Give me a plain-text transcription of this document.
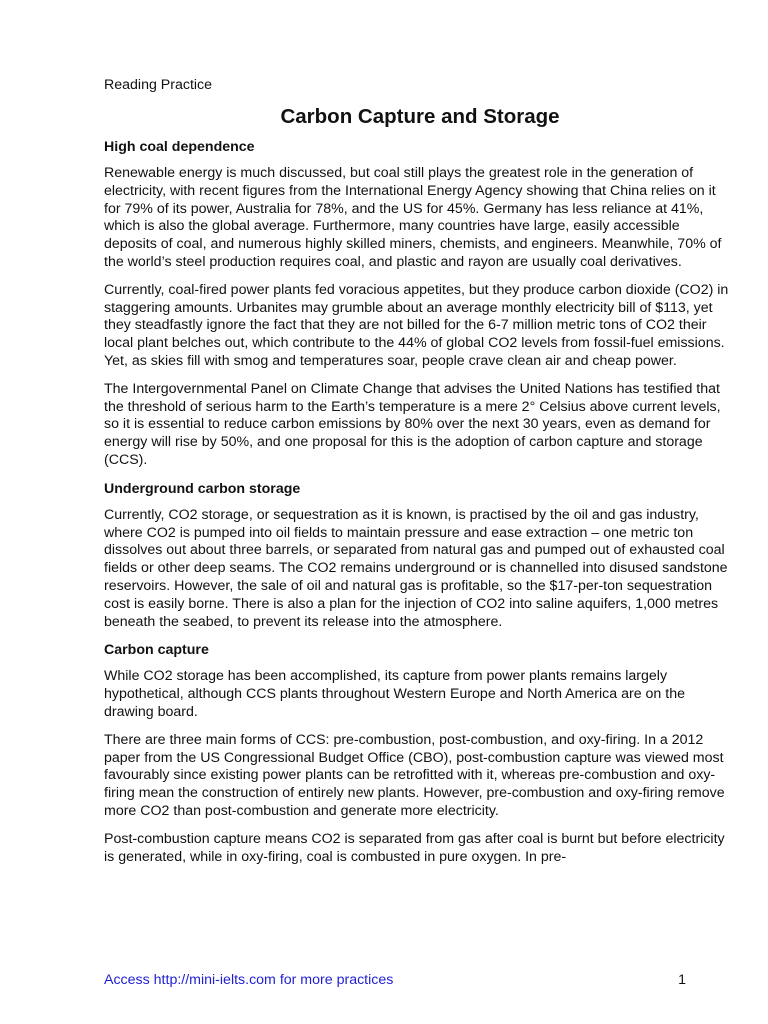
Reading Practice
Carbon Capture and Storage
High coal dependence

Renewable energy is much discussed, but coal still plays the greatest role in the generation of electricity, with recent figures from the International Energy Agency showing that China relies on it for 79% of its power, Australia for 78%, and the US for 45%. Germany has less reliance at 41%, which is also the global average. Furthermore, many countries have large, easily accessible deposits of coal, and numerous highly skilled miners, chemists, and engineers. Meanwhile, 70% of the world’s steel production requires coal, and plastic and rayon are usually coal derivatives.

Currently, coal-fired power plants fed voracious appetites, but they produce carbon dioxide (CO2) in staggering amounts. Urbanites may grumble about an average monthly electricity bill of $113, yet they steadfastly ignore the fact that they are not billed for the 6-7 million metric tons of CO2 their local plant belches out, which contribute to the 44% of global CO2 levels from fossil-fuel emissions. Yet, as skies fill with smog and temperatures soar, people crave clean air and cheap power.

The Intergovernmental Panel on Climate Change that advises the United Nations has testified that the threshold of serious harm to the Earth’s temperature is a mere 2° Celsius above current levels, so it is essential to reduce carbon emissions by 80% over the next 30 years, even as demand for energy will rise by 50%, and one proposal for this is the adoption of carbon capture and storage (CCS).

Underground carbon storage

Currently, CO2 storage, or sequestration as it is known, is practised by the oil and gas industry, where CO2 is pumped into oil fields to maintain pressure and ease extraction – one metric ton dissolves out about three barrels, or separated from natural gas and pumped out of exhausted coal fields or other deep seams. The CO2 remains underground or is channelled into disused sandstone reservoirs. However, the sale of oil and natural gas is profitable, so the $17-per-ton sequestration cost is easily borne. There is also a plan for the injection of CO2 into saline aquifers, 1,000 metres beneath the seabed, to prevent its release into the atmosphere.

Carbon capture

While CO2 storage has been accomplished, its capture from power plants remains largely hypothetical, although CCS plants throughout Western Europe and North America are on the drawing board.

There are three main forms of CCS: pre-combustion, post-combustion, and oxy-firing. In a 2012 paper from the US Congressional Budget Office (CBO), post-combustion capture was viewed most favourably since existing power plants can be retrofitted with it, whereas pre-combustion and oxy-firing mean the construction of entirely new plants. However, pre-combustion and oxy-firing remove more CO2 than post-combustion and generate more electricity.

Post-combustion capture means CO2 is separated from gas after coal is burnt but before electricity is generated, while in oxy-firing, coal is combusted in pure oxygen. In pre-

Access http://mini-ielts.com for more practices	1
